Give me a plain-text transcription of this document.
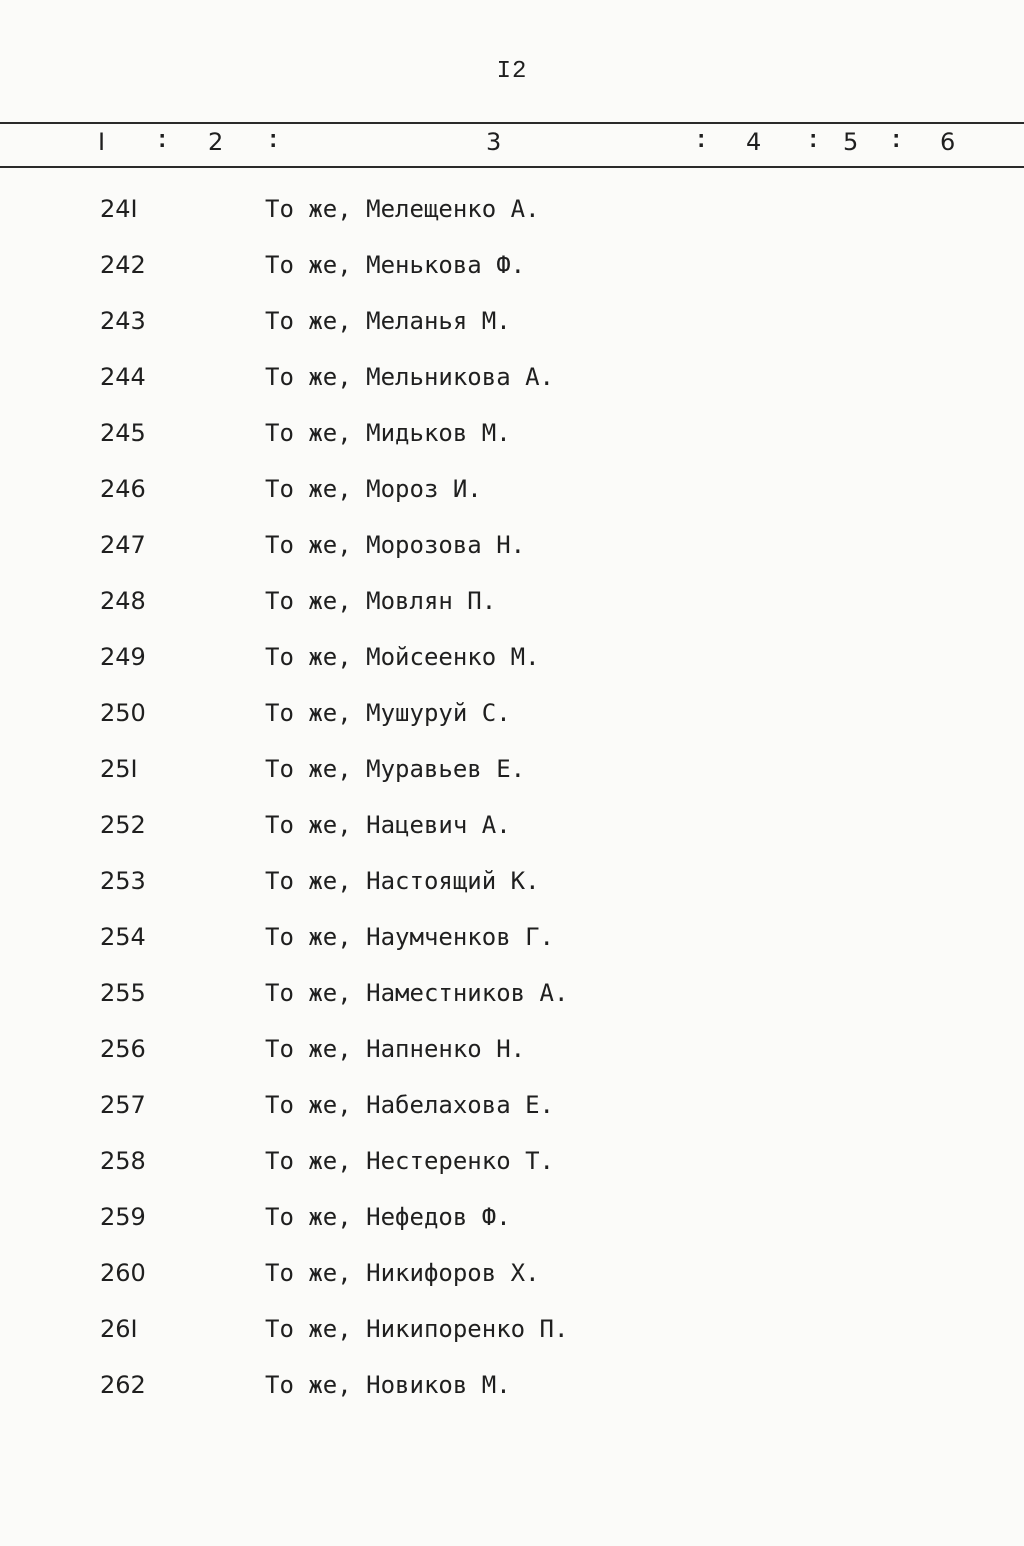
I2
I : 2 :	3	: 4 : 5 : 6
24I	То же, Мелещенко А.
242	То же, Менькова Ф.
243	То же, Меланья М.
244	То же, Мельникова А.
245	То же, Мидьков М.
246	То же, Мороз И.
247	То же, Морозова Н.
248	То же, Мовлян П.
249	То же, Мойсеенко М.
250	То же, Мушуруй С.
25I	То же, Муравьев Е.
252	То же, Нацевич А.
253	То же, Настоящий К.
254	То же, Наумченков Г.
255	То же, Наместников А.
256	То же, Напненко Н.
257	То же, Набелахова Е.
258	То же, Нестеренко Т.
259	То же, Нефедов Ф.
260	То же, Никифоров Х.
26I	То же, Никипоренко П.
262	То же, Новиков М.
